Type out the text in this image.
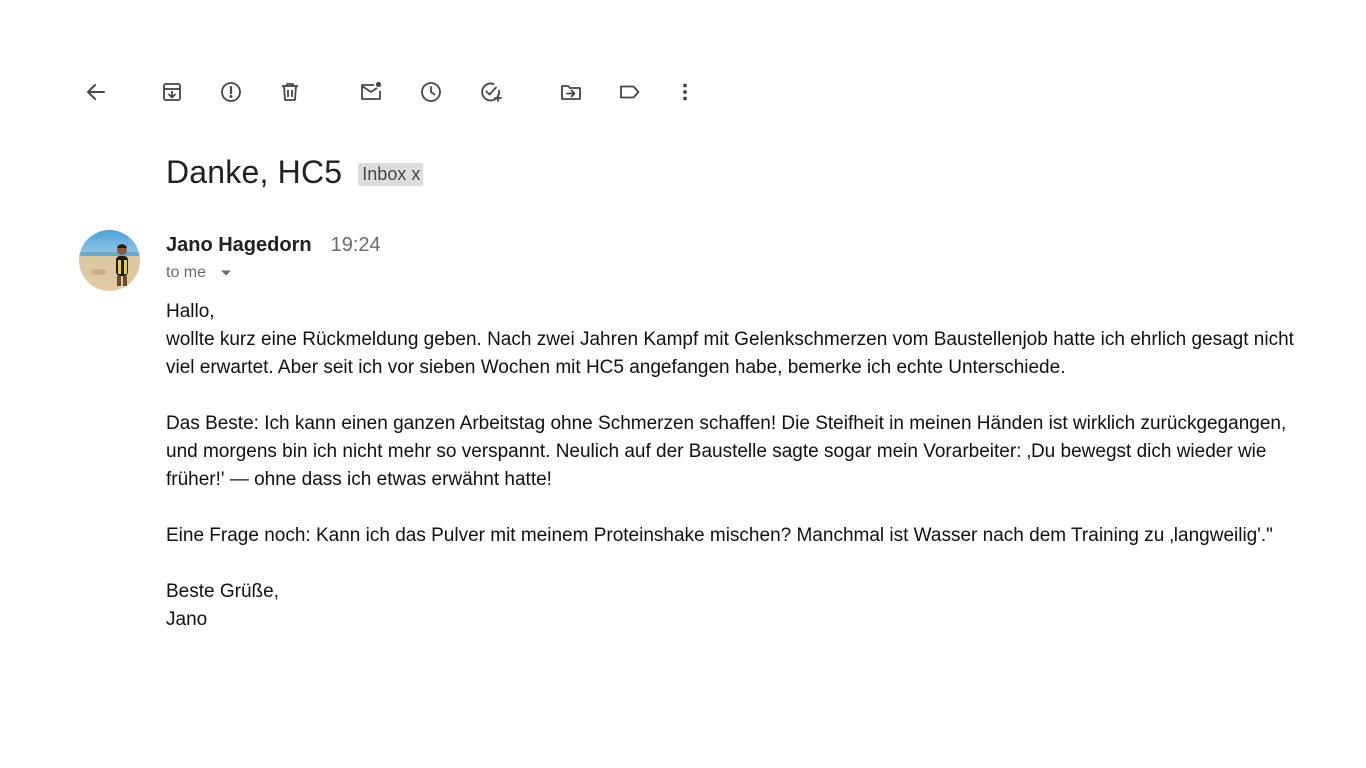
Danke, HC5 Inbox x
Jano Hagedorn 19:24
to me

Hallo,

wollte kurz eine Rückmeldung geben. Nach zwei Jahren Kampf mit Gelenkschmerzen vom Baustellenjob hatte ich ehrlich gesagt nicht viel erwartet. Aber seit ich vor sieben Wochen mit HC5 angefangen habe, bemerke ich echte Unterschiede.

Das Beste: Ich kann einen ganzen Arbeitstag ohne Schmerzen schaffen! Die Steifheit in meinen Händen ist wirklich zurückgegangen, und morgens bin ich nicht mehr so verspannt. Neulich auf der Baustelle sagte sogar mein Vorarbeiter: ‚Du bewegst dich wieder wie früher!' — ohne dass ich etwas erwähnt hatte!

Eine Frage noch: Kann ich das Pulver mit meinem Proteinshake mischen? Manchmal ist Wasser nach dem Training zu ‚langweilig'."

Beste Grüße,

Jano
